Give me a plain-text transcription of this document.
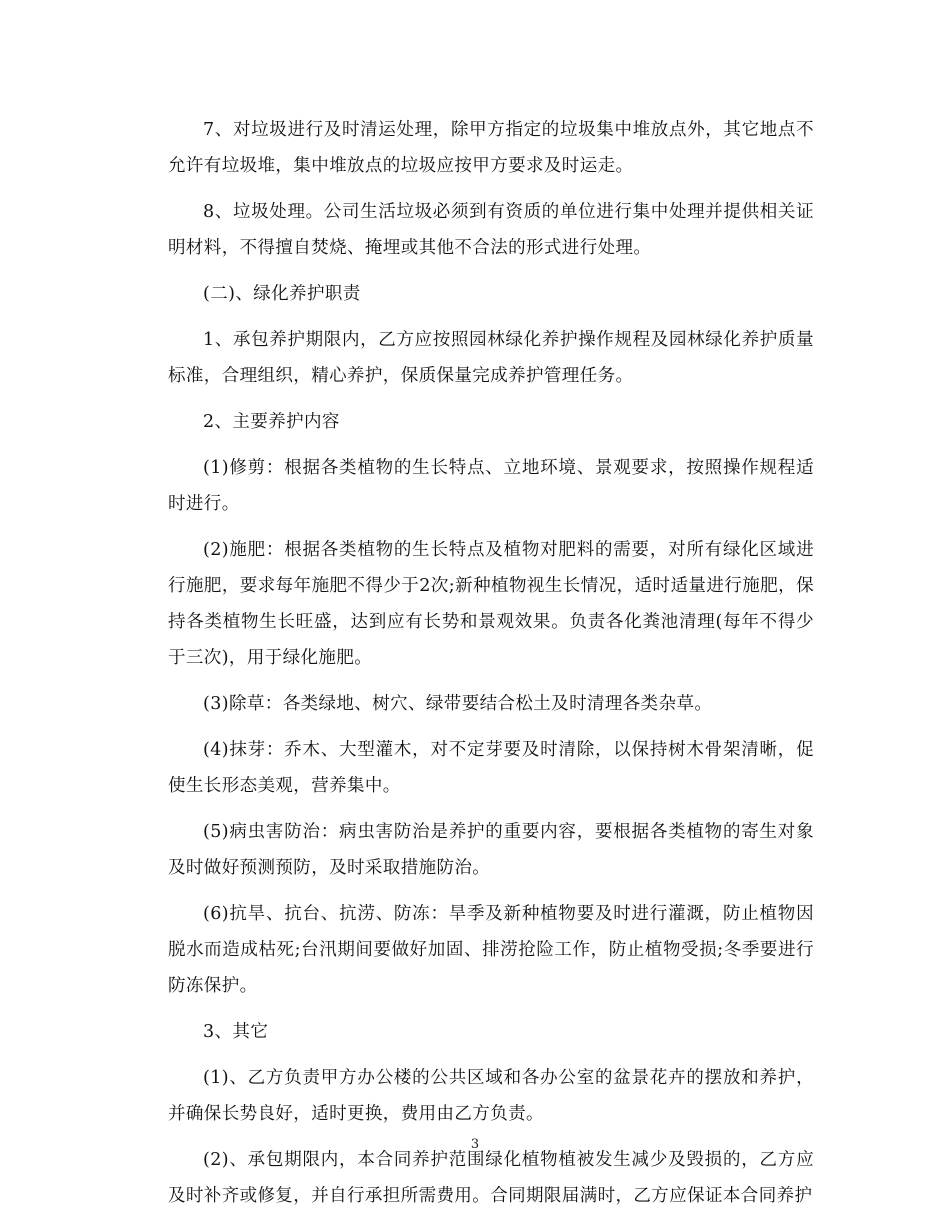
7、对垃圾进行及时清运处理，除甲方指定的垃圾集中堆放点外，其它地点不允许有垃圾堆，集中堆放点的垃圾应按甲方要求及时运走。

8、垃圾处理。公司生活垃圾必须到有资质的单位进行集中处理并提供相关证明材料，不得擅自焚烧、掩埋或其他不合法的形式进行处理。

(二)、绿化养护职责

1、承包养护期限内，乙方应按照园林绿化养护操作规程及园林绿化养护质量标准，合理组织，精心养护，保质保量完成养护管理任务。

2、主要养护内容

(1)修剪：根据各类植物的生长特点、立地环境、景观要求，按照操作规程适时进行。

(2)施肥：根据各类植物的生长特点及植物对肥料的需要，对所有绿化区域进行施肥，要求每年施肥不得少于2次;新种植物视生长情况，适时适量进行施肥，保持各类植物生长旺盛，达到应有长势和景观效果。负责各化粪池清理(每年不得少于三次)，用于绿化施肥。

(3)除草：各类绿地、树穴、绿带要结合松土及时清理各类杂草。

(4)抹芽：乔木、大型灌木，对不定芽要及时清除，以保持树木骨架清晰，促使生长形态美观，营养集中。

(5)病虫害防治：病虫害防治是养护的重要内容，要根据各类植物的寄生对象及时做好预测预防，及时采取措施防治。

(6)抗旱、抗台、抗涝、防冻：旱季及新种植物要及时进行灌溉，防止植物因脱水而造成枯死;台汛期间要做好加固、排涝抢险工作，防止植物受损;冬季要进行防冻保护。

3、其它

(1)、乙方负责甲方办公楼的公共区域和各办公室的盆景花卉的摆放和养护，并确保长势良好，适时更换，费用由乙方负责。

(2)、承包期限内，本合同养护范围绿化植物植被发生减少及毁损的，乙方应及时补齐或修复，并自行承担所需费用。合同期限届满时，乙方应保证本合同养护

3
